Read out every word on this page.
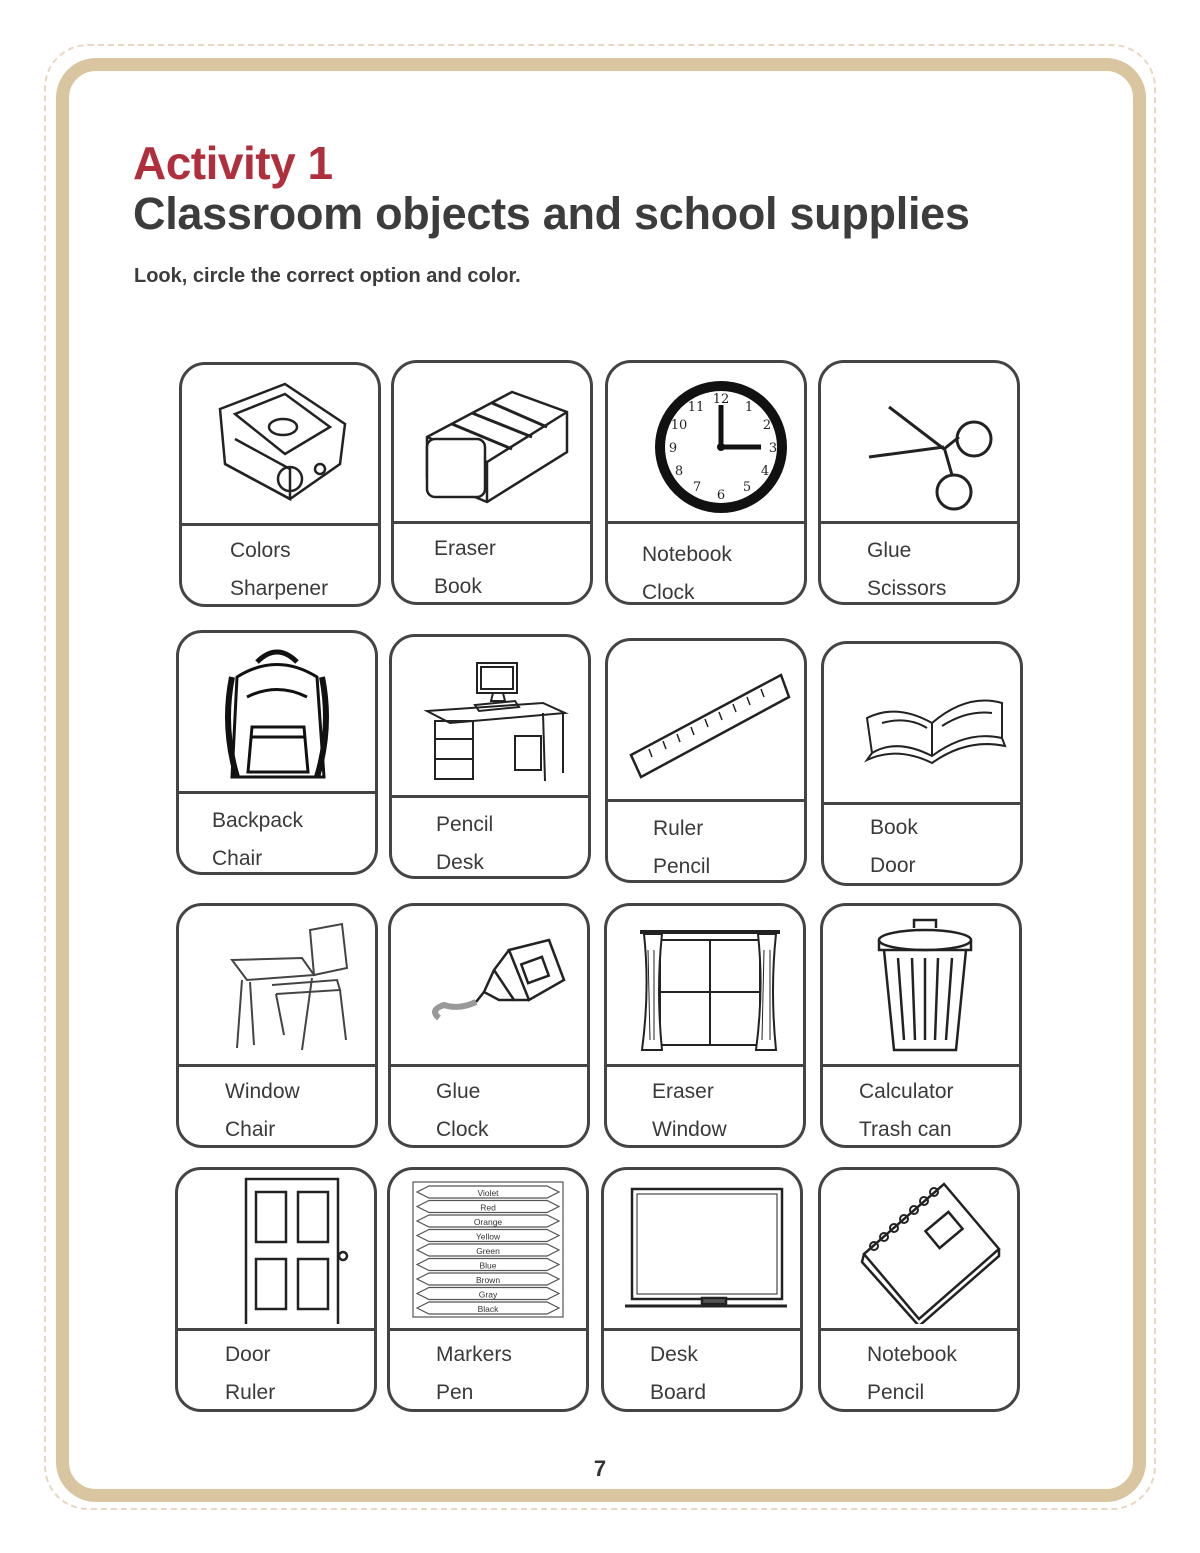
Activity 1
Classroom objects and school supplies
Look, circle the correct option and color.
Colors
Sharpener
Eraser
Book
12
1
2
3
4
5
6
7
8
9
10
11
Notebook
Clock
Glue
Scissors
Backpack
Chair
Pencil
Desk
Ruler
Pencil
Book
Door
Window
Chair
Glue
Clock
Eraser
Window
Calculator
Trash can
Door
Ruler
Violet
Red
Orange
Yellow
Green
Blue
Brown
Gray
Black
Markers
Pen
Desk
Board
Notebook
Pencil
7
